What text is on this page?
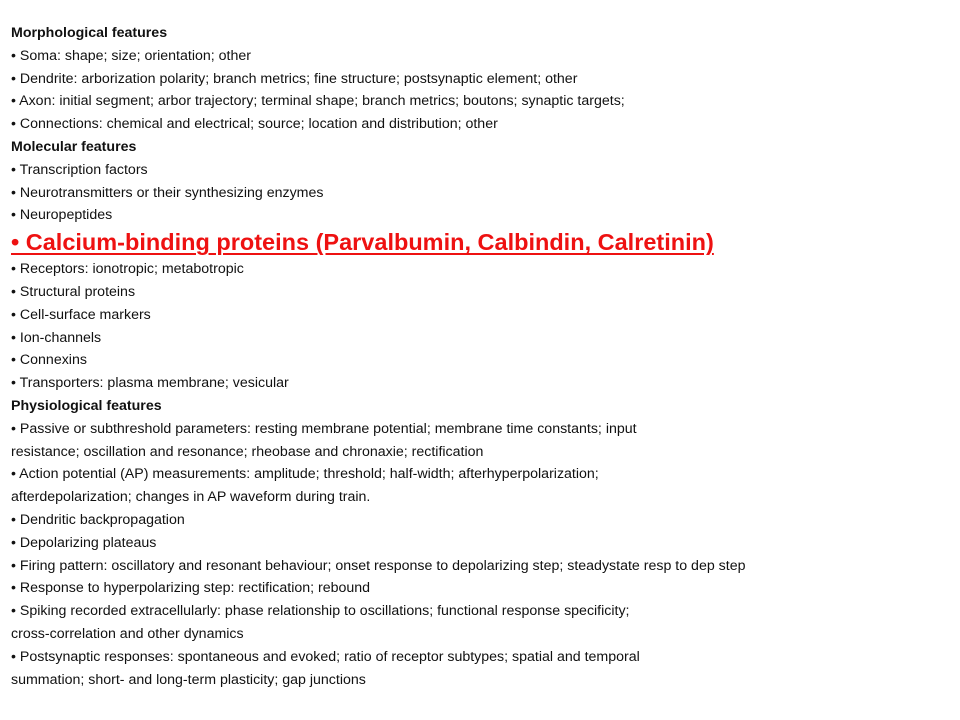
Morphological features
• Soma: shape; size; orientation; other
• Dendrite: arborization polarity; branch metrics; fine structure; postsynaptic element; other
• Axon: initial segment; arbor trajectory; terminal shape; branch metrics; boutons; synaptic targets;
• Connections: chemical and electrical; source; location and distribution; other
Molecular features
• Transcription factors
• Neurotransmitters or their synthesizing enzymes
• Neuropeptides
• Calcium-binding proteins (Parvalbumin, Calbindin, Calretinin)
• Receptors: ionotropic; metabotropic
• Structural proteins
• Cell-surface markers
• Ion-channels
• Connexins
• Transporters: plasma membrane; vesicular
Physiological features
• Passive or subthreshold parameters: resting membrane potential; membrane time constants; input
resistance; oscillation and resonance; rheobase and chronaxie; rectification
• Action potential (AP) measurements: amplitude; threshold; half-width; afterhyperpolarization;
afterdepolarization; changes in AP waveform during train.
• Dendritic backpropagation
• Depolarizing plateaus
• Firing pattern: oscillatory and resonant behaviour; onset response to depolarizing step; steadystate resp to dep step
• Response to hyperpolarizing step: rectification; rebound
• Spiking recorded extracellularly: phase relationship to oscillations; functional response specificity;
cross-correlation and other dynamics
• Postsynaptic responses: spontaneous and evoked; ratio of receptor subtypes; spatial and temporal
summation; short- and long-term plasticity; gap junctions
